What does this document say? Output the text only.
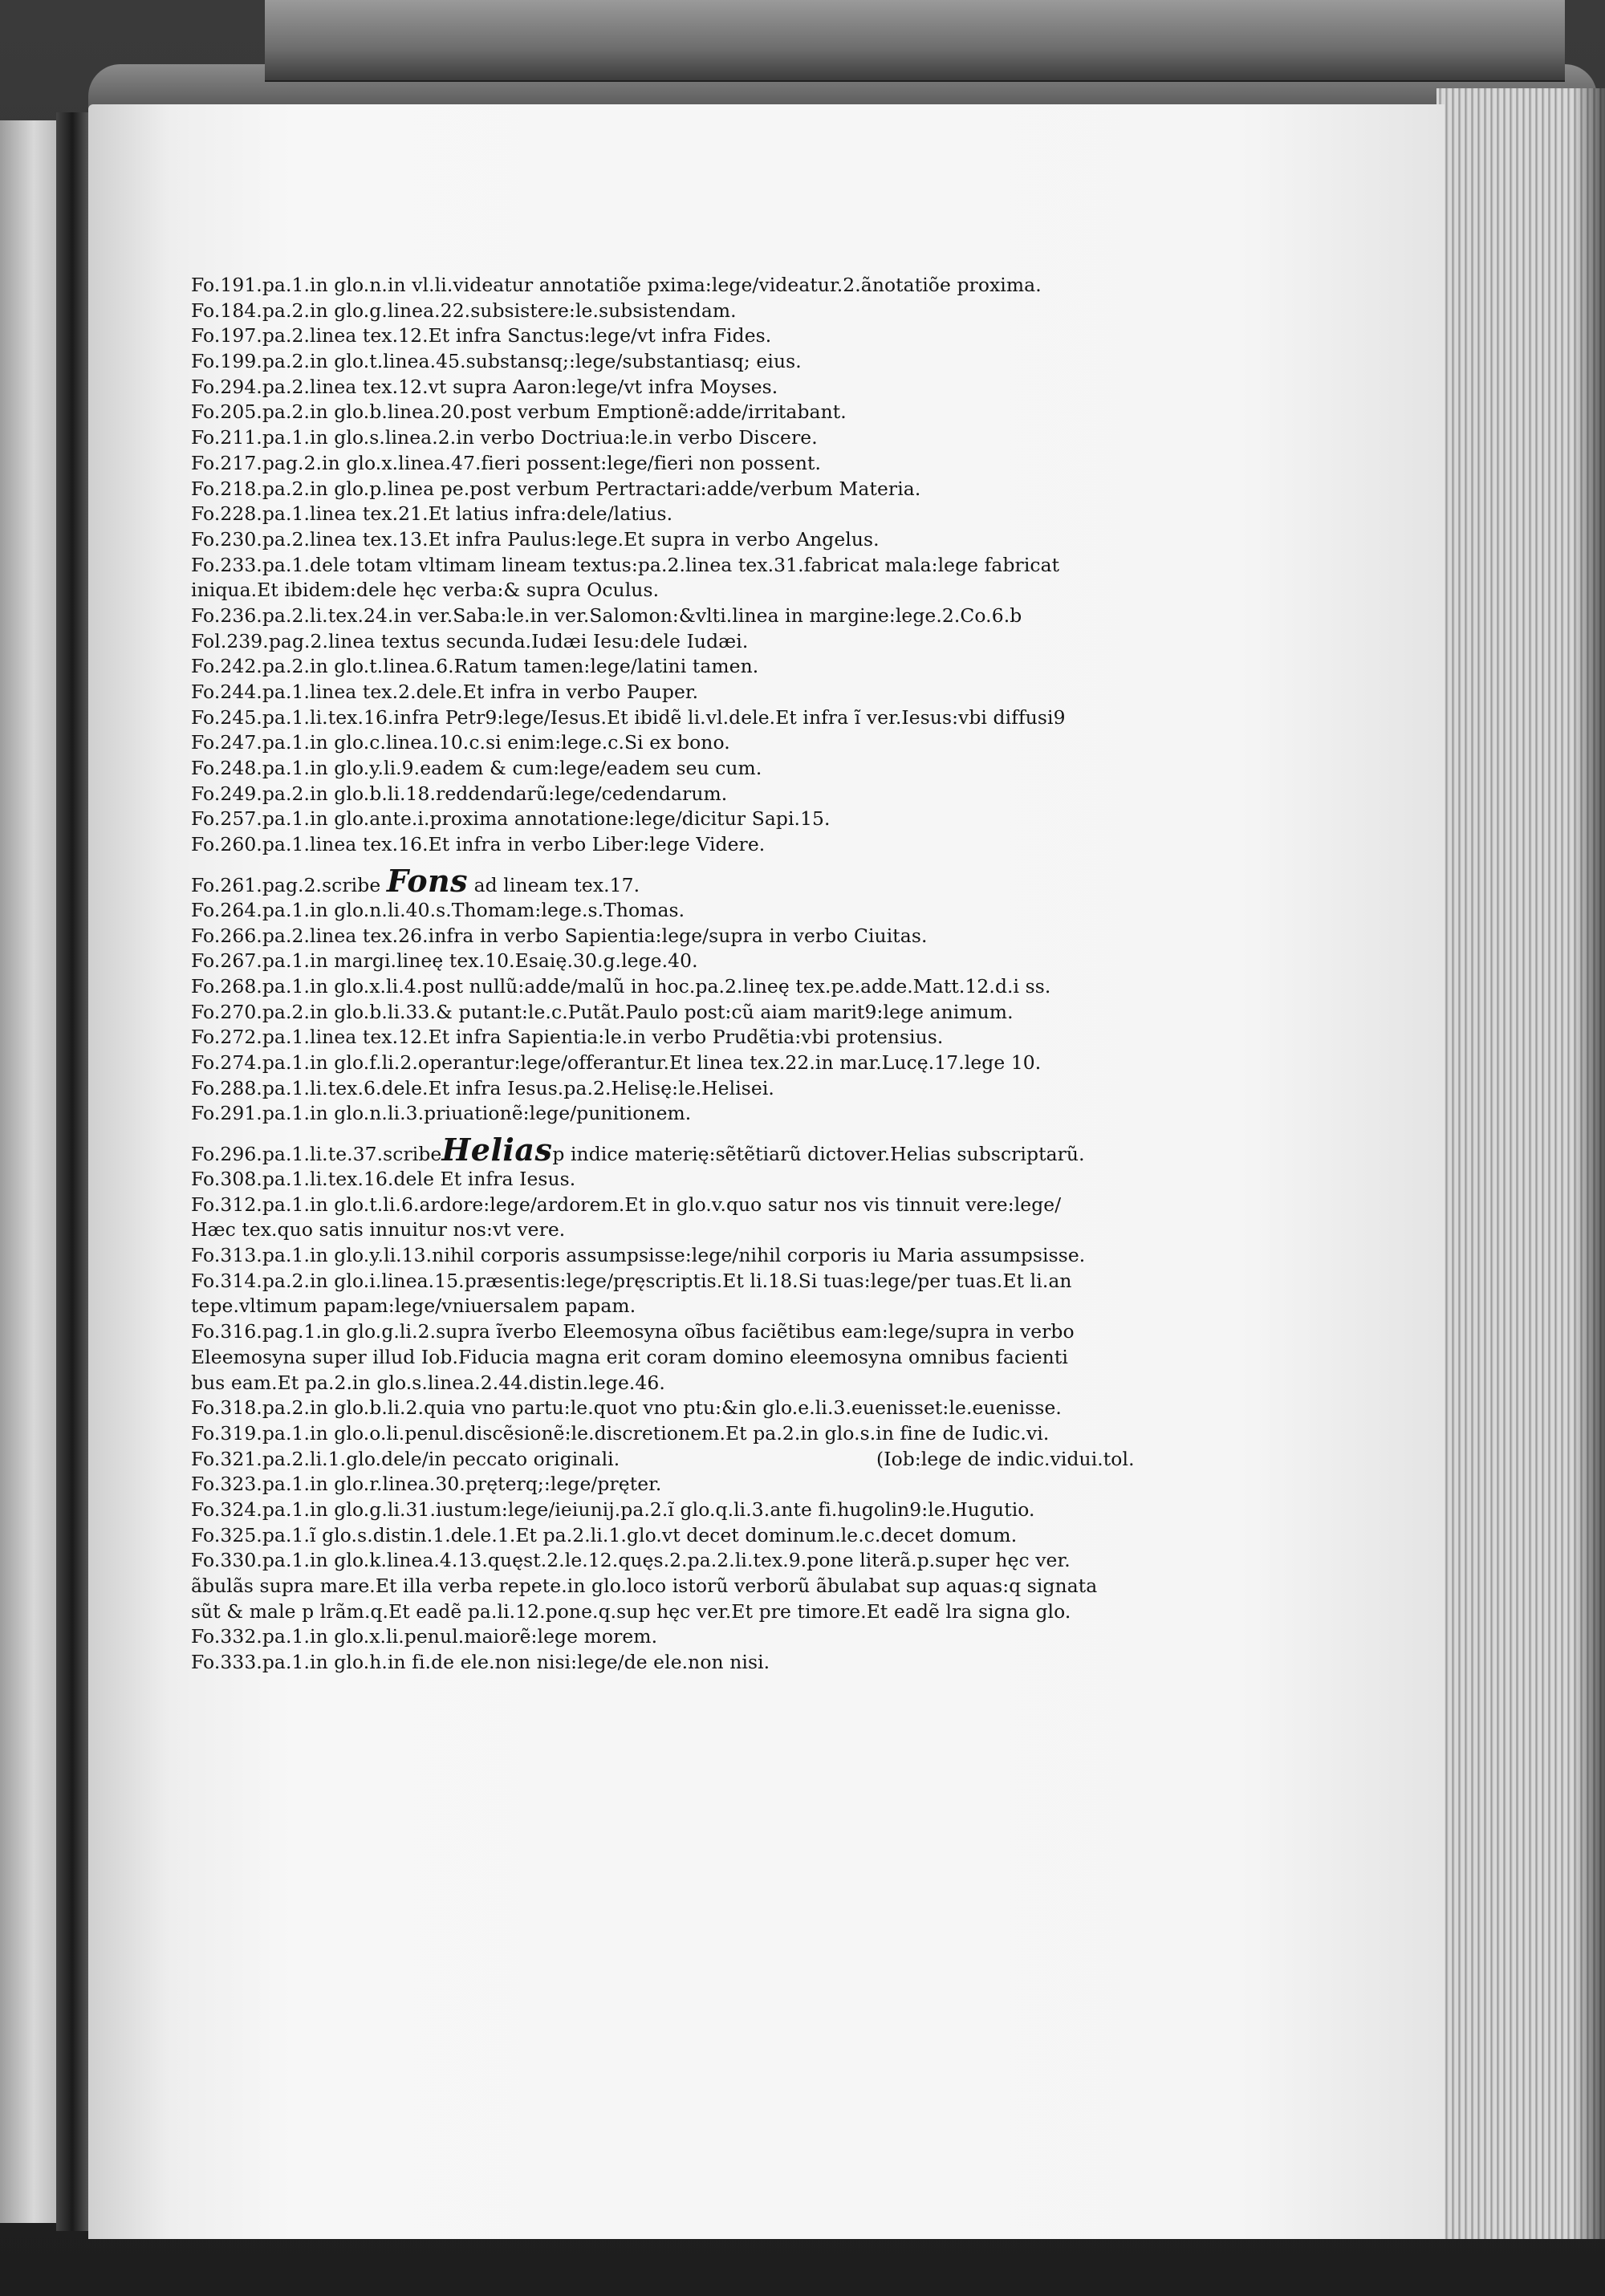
Fo.191.pa.1.in glo.n.in vl.li.videatur annotatiõe pxima:lege/videatur.2.ãnotatiõe proxima.
Fo.184.pa.2.in glo.g.linea.22.subsistere:le.subsistendam.
Fo.197.pa.2.linea tex.12.Et infra Sanctus:lege/vt infra Fides.
Fo.199.pa.2.in glo.t.linea.45.substansq;:lege/substantiasq; eius.
Fo.294.pa.2.linea tex.12.vt supra Aaron:lege/vt infra Moyses.
Fo.205.pa.2.in glo.b.linea.20.post verbum Emptionẽ:adde/irritabant.
Fo.211.pa.1.in glo.s.linea.2.in verbo Doctriua:le.in verbo Discere.
Fo.217.pag.2.in glo.x.linea.47.fieri possent:lege/fieri non possent.
Fo.218.pa.2.in glo.p.linea pe.post verbum Pertractari:adde/verbum Materia.
Fo.228.pa.1.linea tex.21.Et latius infra:dele/latius.
Fo.230.pa.2.linea tex.13.Et infra Paulus:lege.Et supra in verbo Angelus.
Fo.233.pa.1.dele totam vltimam lineam textus:pa.2.linea tex.31.fabricat mala:lege fabricat
iniqua.Et ibidem:dele hęc verba:& supra Oculus.
Fo.236.pa.2.li.tex.24.in ver.Saba:le.in ver.Salomon:&vlti.linea in margine:lege.2.Co.6.b
Fol.239.pag.2.linea textus secunda.Iudæi Iesu:dele Iudæi.
Fo.242.pa.2.in glo.t.linea.6.Ratum tamen:lege/latini tamen.
Fo.244.pa.1.linea tex.2.dele.Et infra in verbo Pauper.
Fo.245.pa.1.li.tex.16.infra Petr9:lege/Iesus.Et ibidẽ li.vl.dele.Et infra ĩ ver.Iesus:vbi diffusi9
Fo.247.pa.1.in glo.c.linea.10.c.si enim:lege.c.Si ex bono.
Fo.248.pa.1.in glo.y.li.9.eadem & cum:lege/eadem seu cum.
Fo.249.pa.2.in glo.b.li.18.reddendarũ:lege/cedendarum.
Fo.257.pa.1.in glo.ante.i.proxima annotatione:lege/dicitur Sapi.15.
Fo.260.pa.1.linea tex.16.Et infra in verbo Liber:lege Videre.
Fo.261.pag.2.scribe Fons ad lineam tex.17.
Fo.264.pa.1.in glo.n.li.40.s.Thomam:lege.s.Thomas.
Fo.266.pa.2.linea tex.26.infra in verbo Sapientia:lege/supra in verbo Ciuitas.
Fo.267.pa.1.in margi.lineę tex.10.Esaię.30.g.lege.40.
Fo.268.pa.1.in glo.x.li.4.post nullũ:adde/malũ in hoc.pa.2.lineę tex.pe.adde.Matt.12.d.i ss.
Fo.270.pa.2.in glo.b.li.33.& putant:le.c.Putãt.Paulo post:cũ aiam marit9:lege animum.
Fo.272.pa.1.linea tex.12.Et infra Sapientia:le.in verbo Prudẽtia:vbi protensius.
Fo.274.pa.1.in glo.f.li.2.operantur:lege/offerantur.Et linea tex.22.in mar.Lucę.17.lege 10.
Fo.288.pa.1.li.tex.6.dele.Et infra Iesus.pa.2.Helisę:le.Helisei.
Fo.291.pa.1.in glo.n.li.3.priuationẽ:lege/punitionem.
Fo.296.pa.1.li.te.37.scribeHeliasp indice materię:sẽtẽtiarũ dictover.Helias subscriptarũ.
Fo.308.pa.1.li.tex.16.dele Et infra Iesus.
Fo.312.pa.1.in glo.t.li.6.ardore:lege/ardorem.Et in glo.v.quo satur nos vis tinnuit vere:lege/
Hæc tex.quo satis innuitur nos:vt vere.
Fo.313.pa.1.in glo.y.li.13.nihil corporis assumpsisse:lege/nihil corporis iu Maria assumpsisse.
Fo.314.pa.2.in glo.i.linea.15.præsentis:lege/pręscriptis.Et li.18.Si tuas:lege/per tuas.Et li.an
tepe.vltimum papam:lege/vniuersalem papam.
Fo.316.pag.1.in glo.g.li.2.supra ĩverbo Eleemosyna oĩbus faciẽtibus eam:lege/supra in verbo
Eleemosyna super illud Iob.Fiducia magna erit coram domino eleemosyna omnibus facienti
bus eam.Et pa.2.in glo.s.linea.2.44.distin.lege.46.
Fo.318.pa.2.in glo.b.li.2.quia vno partu:le.quot vno ptu:&in glo.e.li.3.euenisset:le.euenisse.
Fo.319.pa.1.in glo.o.li.penul.discẽsionẽ:le.discretionem.Et pa.2.in glo.s.in fine de Iudic.vi.
Fo.321.pa.2.li.1.glo.dele/in peccato originali.	(Iob:lege de indic.vidui.tol.
Fo.323.pa.1.in glo.r.linea.30.pręterq;:lege/pręter.
Fo.324.pa.1.in glo.g.li.31.iustum:lege/ieiunij.pa.2.ĩ glo.q.li.3.ante fi.hugolin9:le.Hugutio.
Fo.325.pa.1.ĩ glo.s.distin.1.dele.1.Et pa.2.li.1.glo.vt decet dominum.le.c.decet domum.
Fo.330.pa.1.in glo.k.linea.4.13.quęst.2.le.12.quęs.2.pa.2.li.tex.9.pone literã.p.super hęc ver.
ãbulãs supra mare.Et illa verba repete.in glo.loco istorũ verborũ ãbulabat sup aquas:q signata
sũt & male p lrãm.q.Et eadẽ pa.li.12.pone.q.sup hęc ver.Et pre timore.Et eadẽ lra signa glo.
Fo.332.pa.1.in glo.x.li.penul.maiorẽ:lege morem.
Fo.333.pa.1.in glo.h.in fi.de ele.non nisi:lege/de ele.non nisi.
